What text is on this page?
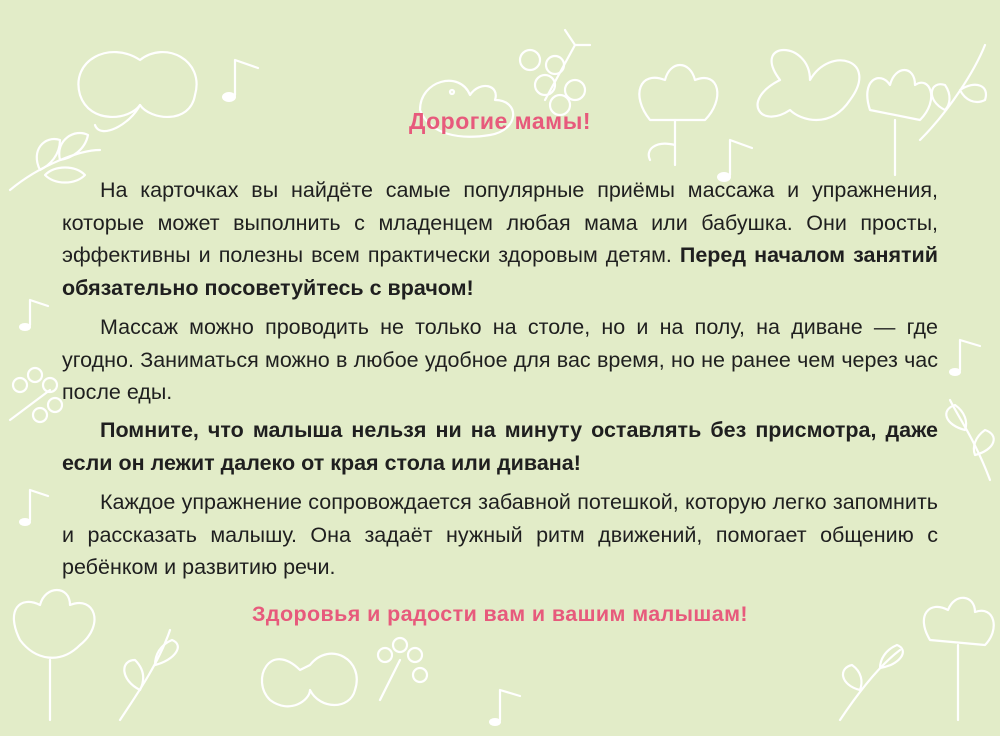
Дорогие мамы!
На карточках вы найдёте самые популярные приёмы массажа и упражнения, которые может выполнить с младенцем любая мама или бабушка. Они просты, эффективны и полезны всем практически здоровым детям. Перед началом занятий обязательно посоветуйтесь с врачом!
Массаж можно проводить не только на столе, но и на полу, на диване — где угодно. Заниматься можно в любое удобное для вас время, но не ранее чем через час после еды.
Помните, что малыша нельзя ни на минуту оставлять без присмотра, даже если он лежит далеко от края стола или дивана!
Каждое упражнение сопровождается забавной потешкой, которую легко запомнить и рассказать малышу. Она задаёт нужный ритм движений, помогает общению с ребёнком и развитию речи.
Здоровья и радости вам и вашим малышам!
